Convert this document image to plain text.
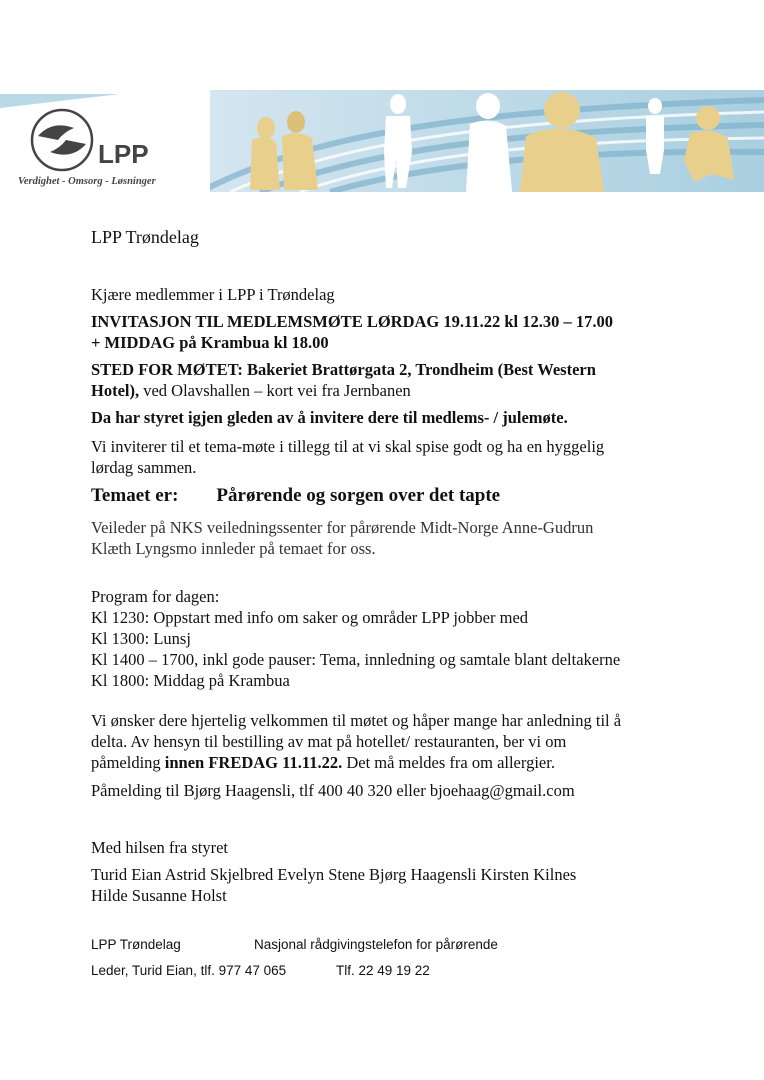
LPP
Verdighet - Omsorg - Løsninger

LPP Trøndelag

Kjære medlemmer i LPP i Trøndelag

INVITASJON TIL MEDLEMSMØTE LØRDAG 19.11.22 kl 12.30 – 17.00
+ MIDDAG på Krambua kl 18.00

STED FOR MØTET: Bakeriet Brattørgata 2, Trondheim (Best Western
Hotel), ved Olavshallen – kort vei fra Jernbanen

Da har styret igjen gleden av å invitere dere til medlems- / julemøte.

Vi inviterer til et tema-møte i tillegg til at vi skal spise godt og ha en hyggelig
lørdag sammen.

Temaet er: Pårørende og sorgen over det tapte

Veileder på NKS veiledningssenter for pårørende Midt-Norge Anne-Gudrun
Klæth Lyngsmo innleder på temaet for oss.

Program for dagen:
Kl 1230: Oppstart med info om saker og områder LPP jobber med
Kl 1300: Lunsj
Kl 1400 – 1700, inkl gode pauser: Tema, innledning og samtale blant deltakerne
Kl 1800: Middag på Krambua

Vi ønsker dere hjertelig velkommen til møtet og håper mange har anledning til å
delta. Av hensyn til bestilling av mat på hotellet/ restauranten, ber vi om
påmelding innen FREDAG 11.11.22. Det må meldes fra om allergier.

Påmelding til Bjørg Haagensli, tlf 400 40 320 eller bjoehaag@gmail.com

Med hilsen fra styret

Turid Eian Astrid Skjelbred Evelyn Stene Bjørg Haagensli Kirsten Kilnes
Hilde Susanne Holst

LPP Trøndelag	Nasjonal rådgivingstelefon for pårørende
Leder, Turid Eian, tlf. 977 47 065	Tlf. 22 49 19 22
